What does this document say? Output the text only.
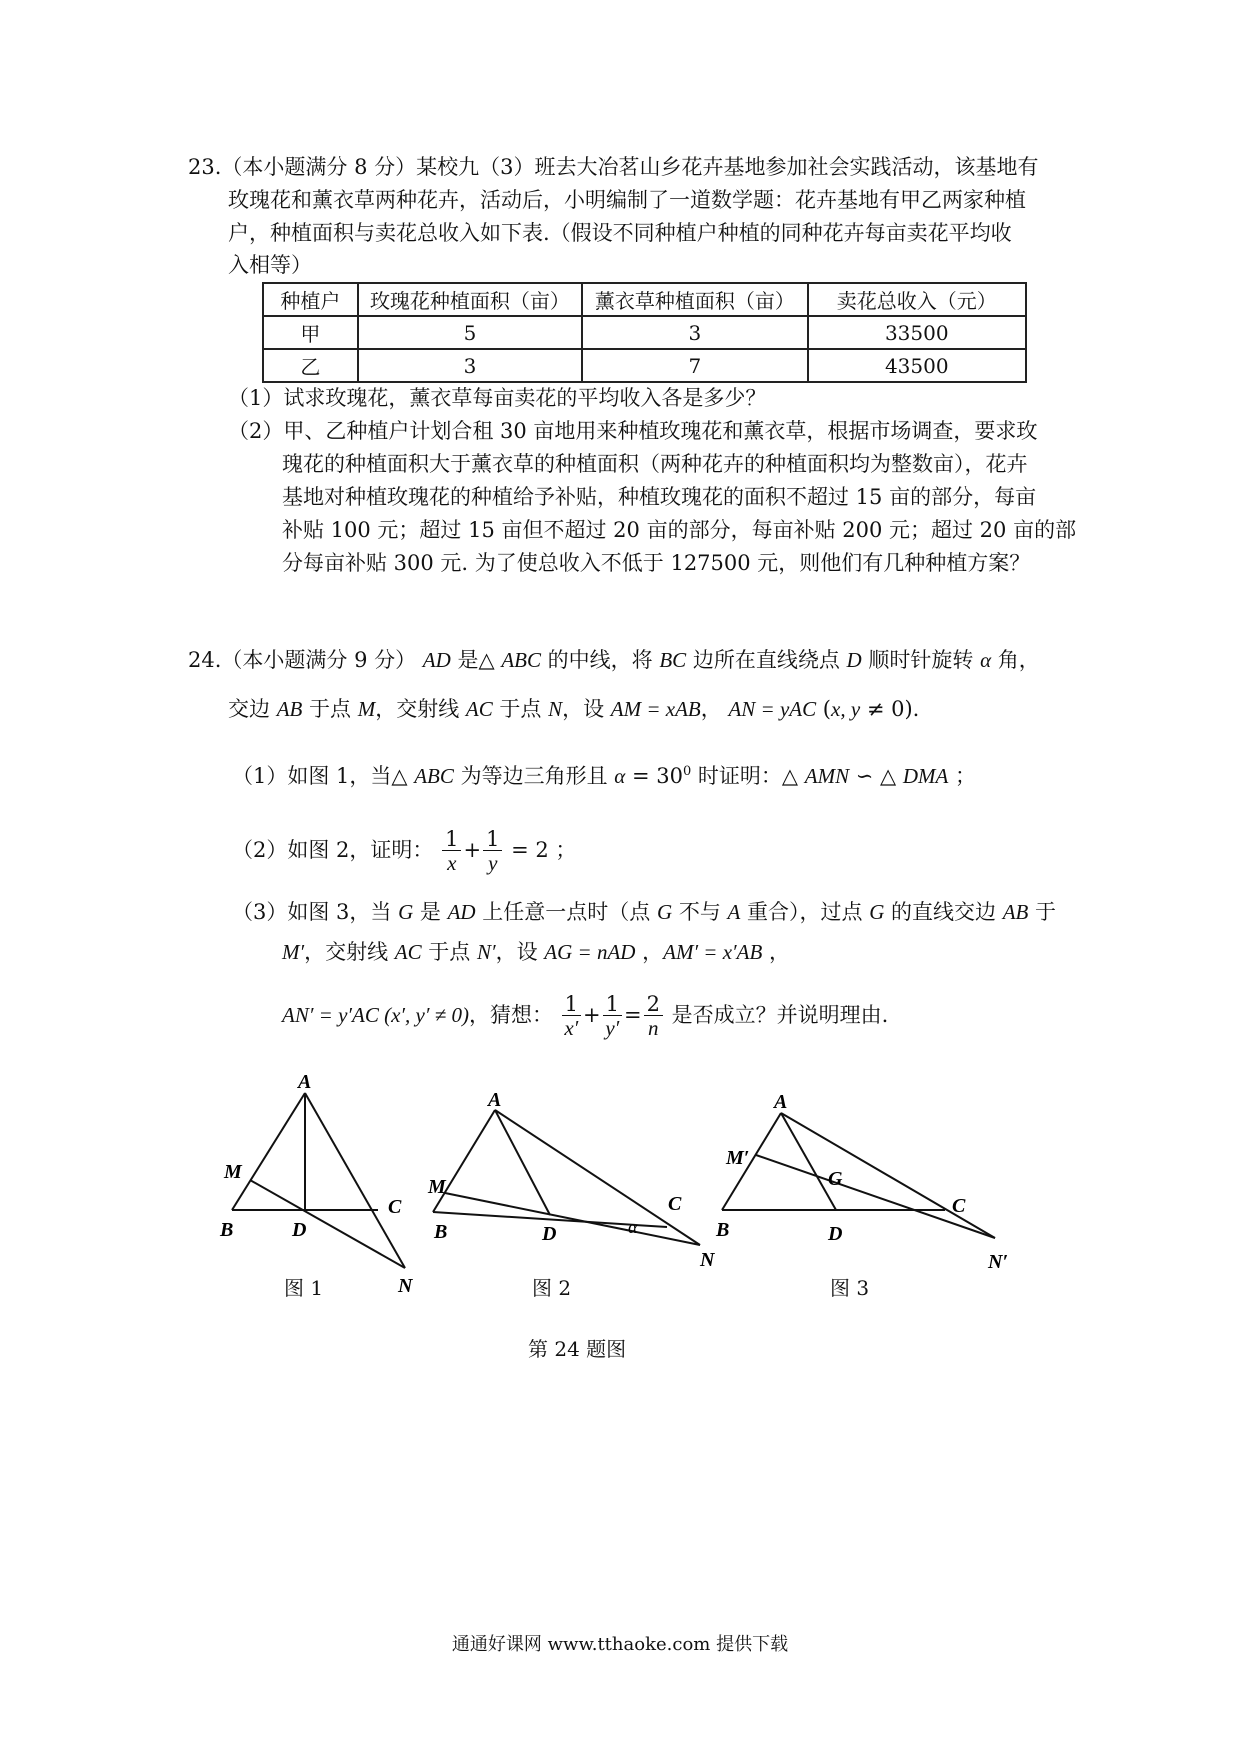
23.（本小题满分 8 分）某校九（3）班去大冶茗山乡花卉基地参加社会实践活动，该基地有
玫瑰花和薰衣草两种花卉，活动后，小明编制了一道数学题：花卉基地有甲乙两家种植
户，种植面积与卖花总收入如下表.（假设不同种植户种植的同种花卉每亩卖花平均收
入相等）
种植户	玫瑰花种植面积（亩）	薰衣草种植面积（亩）	卖花总收入（元）
甲	5	3	33500
乙	3	7	43500
（1）试求玫瑰花，薰衣草每亩卖花的平均收入各是多少？
（2）甲、乙种植户计划合租 30 亩地用来种植玫瑰花和薰衣草，根据市场调查，要求玫
瑰花的种植面积大于薰衣草的种植面积（两种花卉的种植面积均为整数亩），花卉
基地对种植玫瑰花的种植给予补贴，种植玫瑰花的面积不超过 15 亩的部分，每亩
补贴 100 元；超过 15 亩但不超过 20 亩的部分，每亩补贴 200 元；超过 20 亩的部
分每亩补贴 300 元. 为了使总收入不低于 127500 元，则他们有几种种植方案？
24.（本小题满分 9 分） AD 是△ ABC 的中线，将 BC 边所在直线绕点 D 顺时针旋转 α 角，
交边 AB 于点 M，交射线 AC 于点 N，设 AM = xAB， AN = yAC (x, y ≠ 0).
（1）如图 1，当△ ABC 为等边三角形且 $\alpha = 30^0$ 时证明：△ AMN ∽ △ DMA ；
（2）如图 2，证明： $\frac{1}{x} + \frac{1}{y} = 2$ ；
（3）如图 3，当 G 是 AD 上任意一点时（点 G 不与 A 重合），过点 G 的直线交边 AB 于
M′，交射线 AC 于点 N′，设 AG = nAD ，AM′ = x′AB ，
AN′ = y′AC (x′, y′ ≠ 0)，猜想： $\frac{1}{x'} + \frac{1}{y'} = \frac{2}{n}$ 是否成立？并说明理由.
A
M
B	D
C
N
A
M
B	D
C
N
α
A
M′
G
B	D
C
N′
图 1	图 2	图 3
第 24 题图
通通好课网 www.tthaoke.com 提供下载
